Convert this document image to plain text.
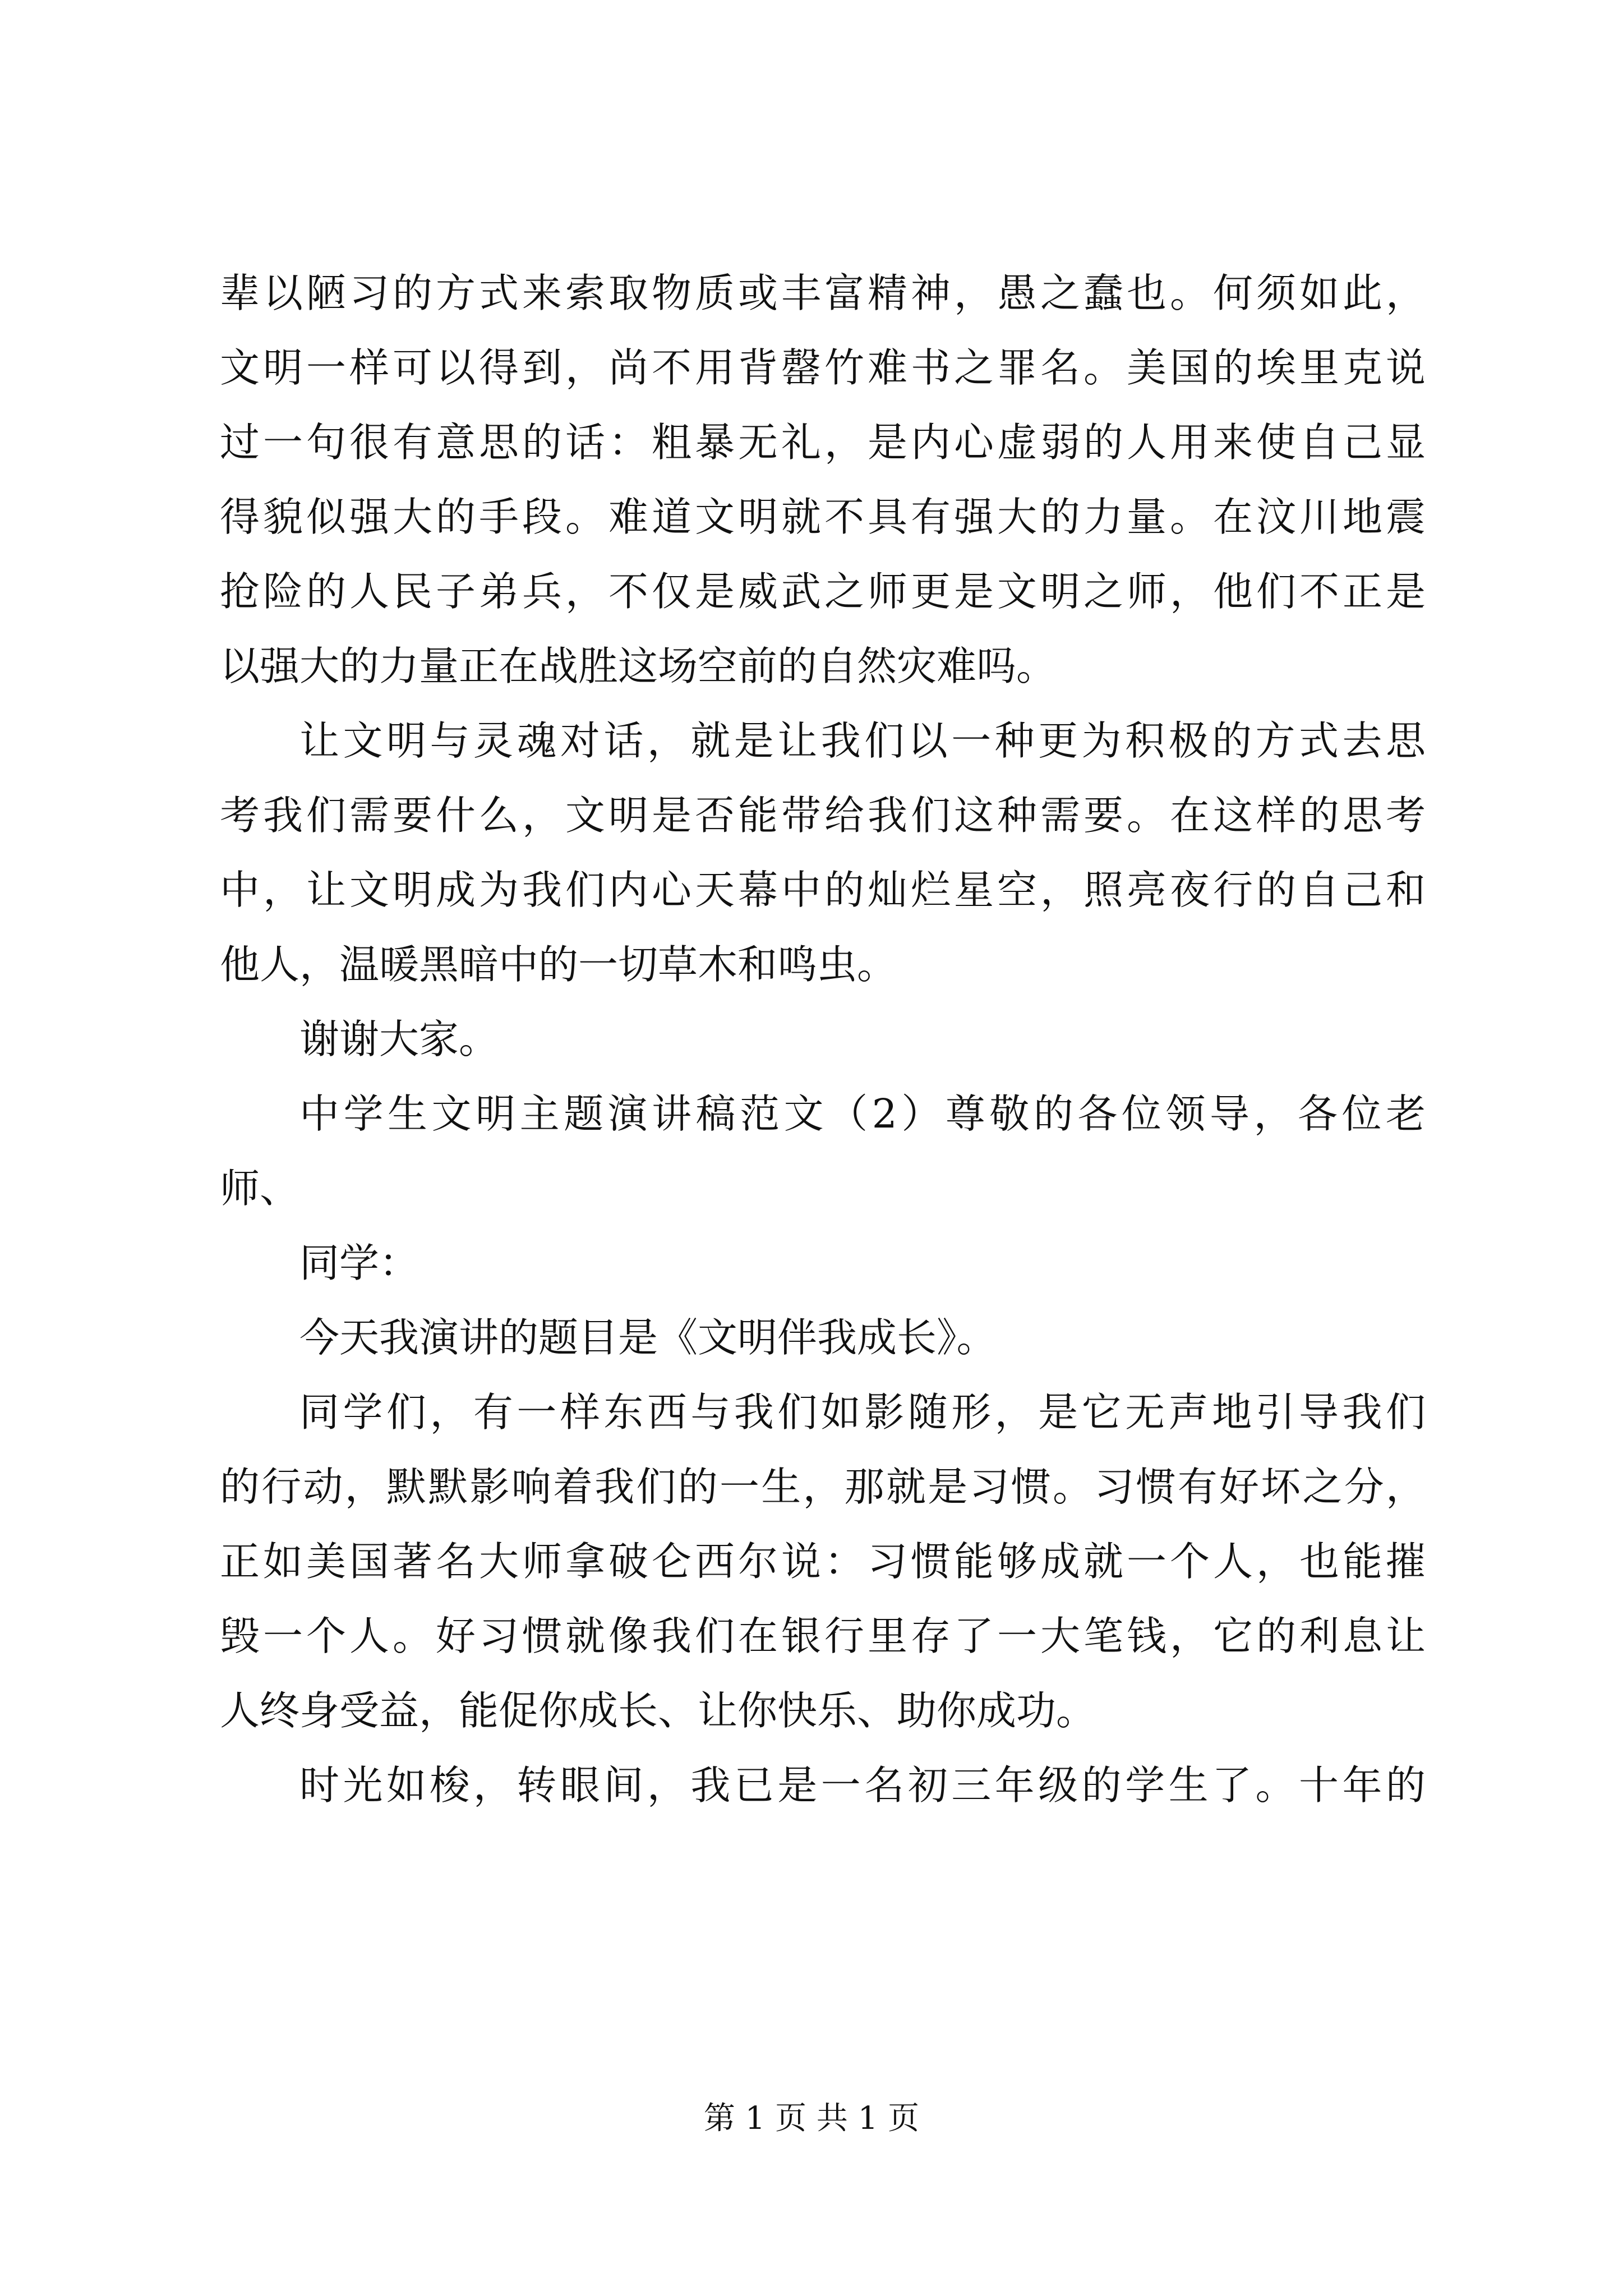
辈以陋习的方式来索取物质或丰富精神，愚之蠢也。何须如此，
文明一样可以得到，尚不用背罄竹难书之罪名。美国的埃里克说
过一句很有意思的话：粗暴无礼，是内心虚弱的人用来使自己显
得貌似强大的手段。难道文明就不具有强大的力量。在汶川地震
抢险的人民子弟兵，不仅是威武之师更是文明之师，他们不正是
以强大的力量正在战胜这场空前的自然灾难吗。
让文明与灵魂对话，就是让我们以一种更为积极的方式去思
考我们需要什么，文明是否能带给我们这种需要。在这样的思考
中，让文明成为我们内心天幕中的灿烂星空，照亮夜行的自己和
他人，温暖黑暗中的一切草木和鸣虫。
谢谢大家。
中学生文明主题演讲稿范文（2）尊敬的各位领导，各位老
师、
同学：
今天我演讲的题目是《文明伴我成长》。
同学们，有一样东西与我们如影随形，是它无声地引导我们
的行动，默默影响着我们的一生，那就是习惯。习惯有好坏之分，
正如美国著名大师拿破仑西尔说：习惯能够成就一个人，也能摧
毁一个人。好习惯就像我们在银行里存了一大笔钱，它的利息让
人终身受益，能促你成长、让你快乐、助你成功。
时光如梭，转眼间，我已是一名初三年级的学生了。十年的
第 1 页 共 1 页
